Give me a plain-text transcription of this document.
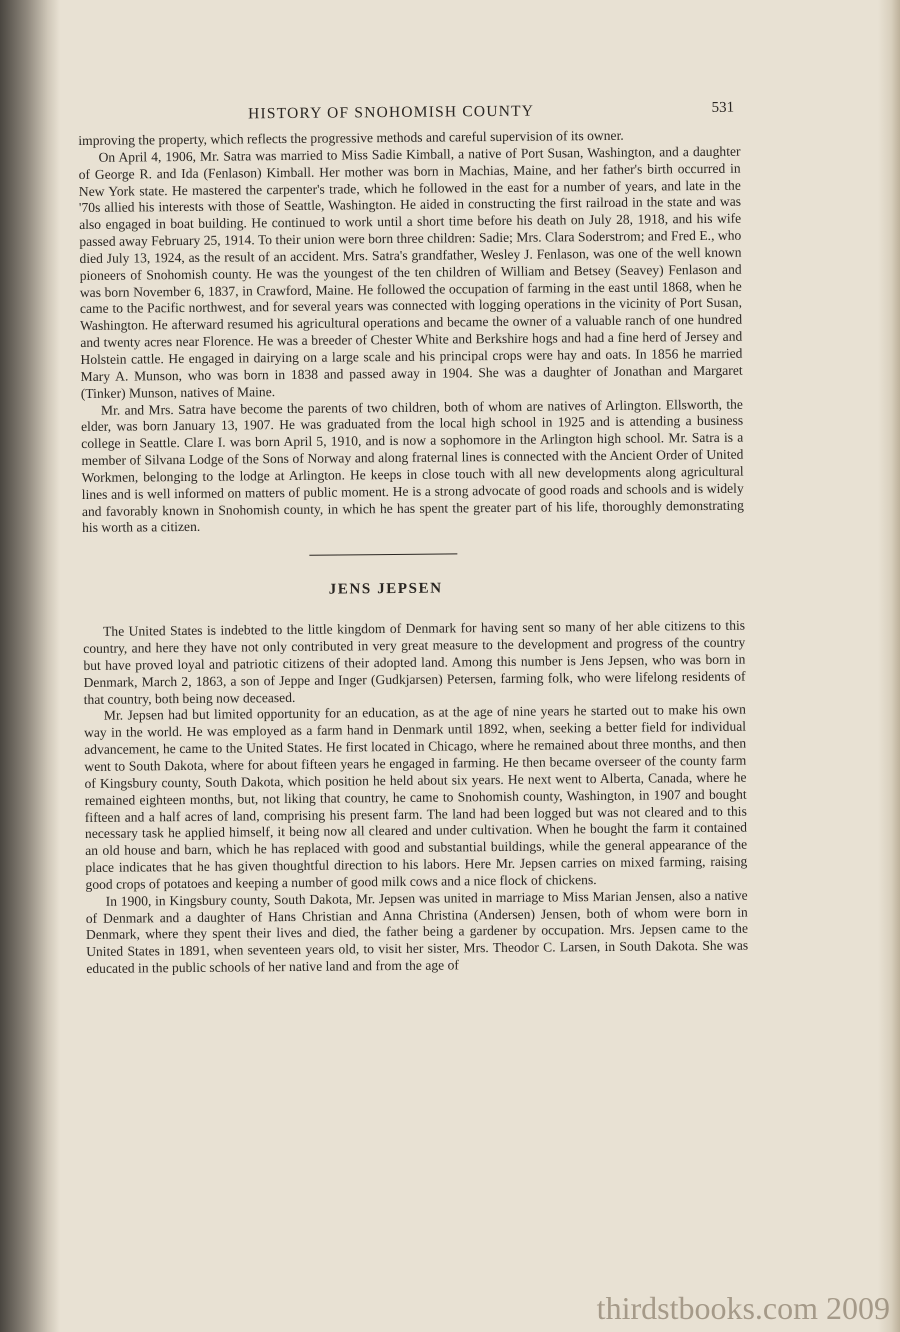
HISTORY OF SNOHOMISH COUNTY	531

improving the property, which reflects the progressive methods and careful supervision of its owner.

On April 4, 1906, Mr. Satra was married to Miss Sadie Kimball, a native of Port Susan, Washington, and a daughter of George R. and Ida (Fenlason) Kimball. Her mother was born in Machias, Maine, and her father's birth occurred in New York state. He mastered the carpenter's trade, which he followed in the east for a number of years, and late in the '70s allied his interests with those of Seattle, Washington. He aided in constructing the first railroad in the state and was also engaged in boat building. He continued to work until a short time before his death on July 28, 1918, and his wife passed away February 25, 1914. To their union were born three children: Sadie; Mrs. Clara Soderstrom; and Fred E., who died July 13, 1924, as the result of an accident. Mrs. Satra's grandfather, Wesley J. Fenlason, was one of the well known pioneers of Snohomish county. He was the youngest of the ten children of William and Betsey (Seavey) Fenlason and was born November 6, 1837, in Crawford, Maine. He followed the occupation of farming in the east until 1868, when he came to the Pacific northwest, and for several years was connected with logging operations in the vicinity of Port Susan, Washington. He afterward resumed his agricultural operations and became the owner of a valuable ranch of one hundred and twenty acres near Florence. He was a breeder of Chester White and Berkshire hogs and had a fine herd of Jersey and Holstein cattle. He engaged in dairying on a large scale and his principal crops were hay and oats. In 1856 he married Mary A. Munson, who was born in 1838 and passed away in 1904. She was a daughter of Jonathan and Margaret (Tinker) Munson, natives of Maine.

Mr. and Mrs. Satra have become the parents of two children, both of whom are natives of Arlington. Ellsworth, the elder, was born January 13, 1907. He was graduated from the local high school in 1925 and is attending a business college in Seattle. Clare I. was born April 5, 1910, and is now a sophomore in the Arlington high school. Mr. Satra is a member of Silvana Lodge of the Sons of Norway and along fraternal lines is connected with the Ancient Order of United Workmen, belonging to the lodge at Arlington. He keeps in close touch with all new developments along agricultural lines and is well informed on matters of public moment. He is a strong advocate of good roads and schools and is widely and favorably known in Snohomish county, in which he has spent the greater part of his life, thoroughly demonstrating his worth as a citizen.

JENS JEPSEN

The United States is indebted to the little kingdom of Denmark for having sent so many of her able citizens to this country, and here they have not only contributed in very great measure to the development and progress of the country but have proved loyal and patriotic citizens of their adopted land. Among this number is Jens Jepsen, who was born in Denmark, March 2, 1863, a son of Jeppe and Inger (Gudkjarsen) Petersen, farming folk, who were lifelong residents of that country, both being now deceased.

Mr. Jepsen had but limited opportunity for an education, as at the age of nine years he started out to make his own way in the world. He was employed as a farm hand in Denmark until 1892, when, seeking a better field for individual advancement, he came to the United States. He first located in Chicago, where he remained about three months, and then went to South Dakota, where for about fifteen years he engaged in farming. He then became overseer of the county farm of Kingsbury county, South Dakota, which position he held about six years. He next went to Alberta, Canada, where he remained eighteen months, but, not liking that country, he came to Snohomish county, Washington, in 1907 and bought fifteen and a half acres of land, comprising his present farm. The land had been logged but was not cleared and to this necessary task he applied himself, it being now all cleared and under cultivation. When he bought the farm it contained an old house and barn, which he has replaced with good and substantial buildings, while the general appearance of the place indicates that he has given thoughtful direction to his labors. Here Mr. Jepsen carries on mixed farming, raising good crops of potatoes and keeping a number of good milk cows and a nice flock of chickens.

In 1900, in Kingsbury county, South Dakota, Mr. Jepsen was united in marriage to Miss Marian Jensen, also a native of Denmark and a daughter of Hans Christian and Anna Christina (Andersen) Jensen, both of whom were born in Denmark, where they spent their lives and died, the father being a gardener by occupation. Mrs. Jepsen came to the United States in 1891, when seventeen years old, to visit her sister, Mrs. Theodor C. Larsen, in South Dakota. She was educated in the public schools of her native land and from the age of

thirdstbooks.com 2009
